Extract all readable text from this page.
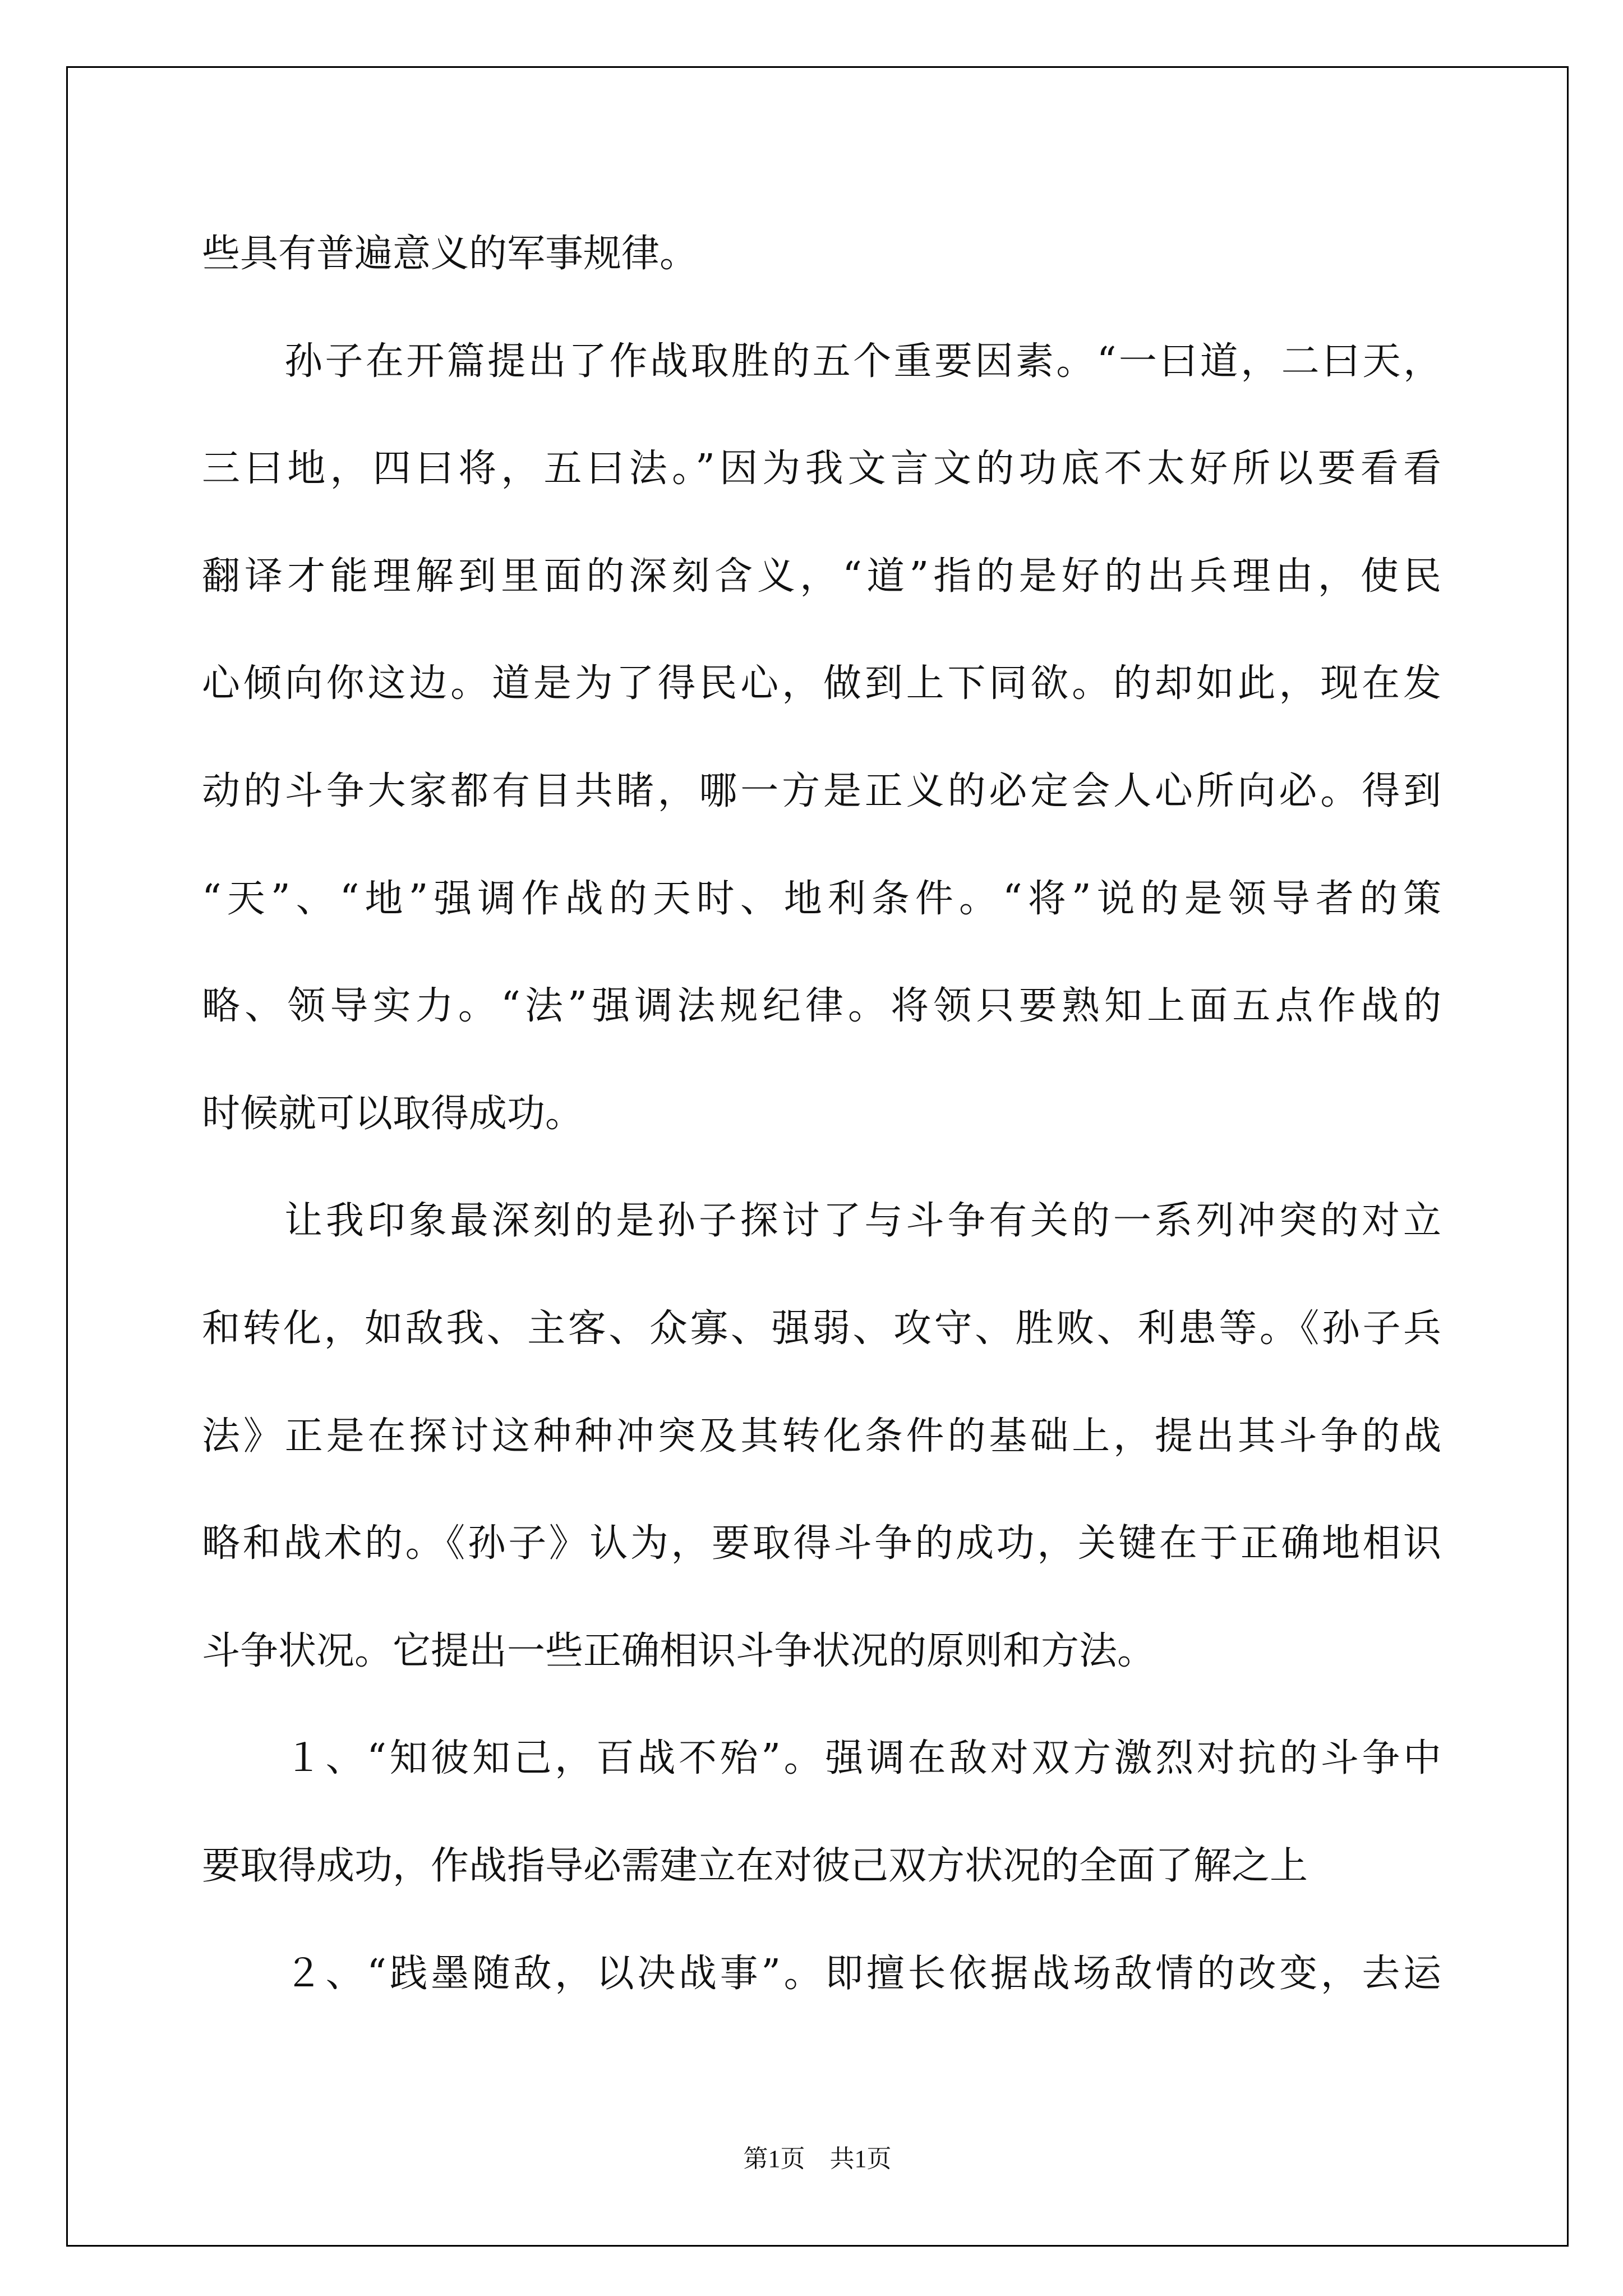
些具有普遍意义的军事规律。
孙子在开篇提出了作战取胜的五个重要因素。“一曰道，二曰天，
三曰地，四曰将，五曰法。”因为我文言文的功底不太好所以要看看
翻译才能理解到里面的深刻含义，“道”指的是好的出兵理由，使民
心倾向你这边。道是为了得民心，做到上下同欲。的却如此，现在发
动的斗争大家都有目共睹，哪一方是正义的必定会人心所向必。得到
“天”、“地”强调作战的天时、地利条件。“将”说的是领导者的策
略、领导实力。“法”强调法规纪律。将领只要熟知上面五点作战的
时候就可以取得成功。
让我印象最深刻的是孙子探讨了与斗争有关的一系列冲突的对立
和转化，如敌我、主客、众寡、强弱、攻守、胜败、利患等。《孙子兵
法》正是在探讨这种种冲突及其转化条件的基础上，提出其斗争的战
略和战术的。《孙子》认为，要取得斗争的成功，关键在于正确地相识
斗争状况。它提出一些正确相识斗争状况的原则和方法。
１、“知彼知己，百战不殆”。强调在敌对双方激烈对抗的斗争中
要取得成功，作战指导必需建立在对彼己双方状况的全面了解之上
２、“践墨随敌，以决战事”。即擅长依据战场敌情的改变，去运
第1页　共1页
